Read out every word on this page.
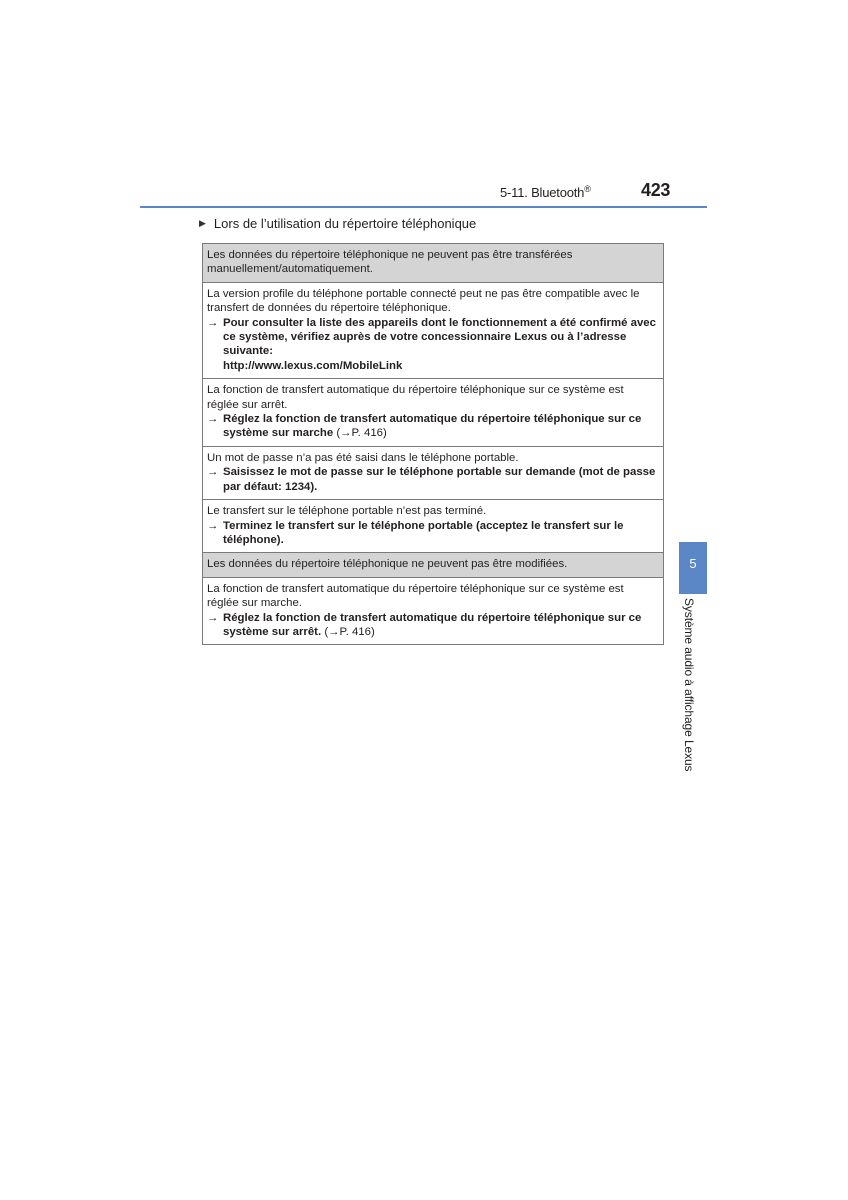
5-11. Bluetooth®	423
▶ Lors de l’utilisation du répertoire téléphonique
Les données du répertoire téléphonique ne peuvent pas être transférées manuellement/automatiquement.

La version profile du téléphone portable connecté peut ne pas être compatible avec le transfert de données du répertoire téléphonique.
→ Pour consulter la liste des appareils dont le fonctionnement a été confirmé avec ce système, vérifiez auprès de votre concessionnaire Lexus ou à l’adresse suivante:
http://www.lexus.com/MobileLink

La fonction de transfert automatique du répertoire téléphonique sur ce système est réglée sur arrêt.
→ Réglez la fonction de transfert automatique du répertoire téléphonique sur ce système sur marche (→P. 416)

Un mot de passe n’a pas été saisi dans le téléphone portable.
→ Saisissez le mot de passe sur le téléphone portable sur demande (mot de passe par défaut: 1234).

Le transfert sur le téléphone portable n’est pas terminé.
→ Terminez le transfert sur le téléphone portable (acceptez le transfert sur le téléphone).

Les données du répertoire téléphonique ne peuvent pas être modifiées.

La fonction de transfert automatique du répertoire téléphonique sur ce système est réglée sur marche.
→ Réglez la fonction de transfert automatique du répertoire téléphonique sur ce système sur arrêt. (→P. 416)
5
Système audio à affichage Lexus
